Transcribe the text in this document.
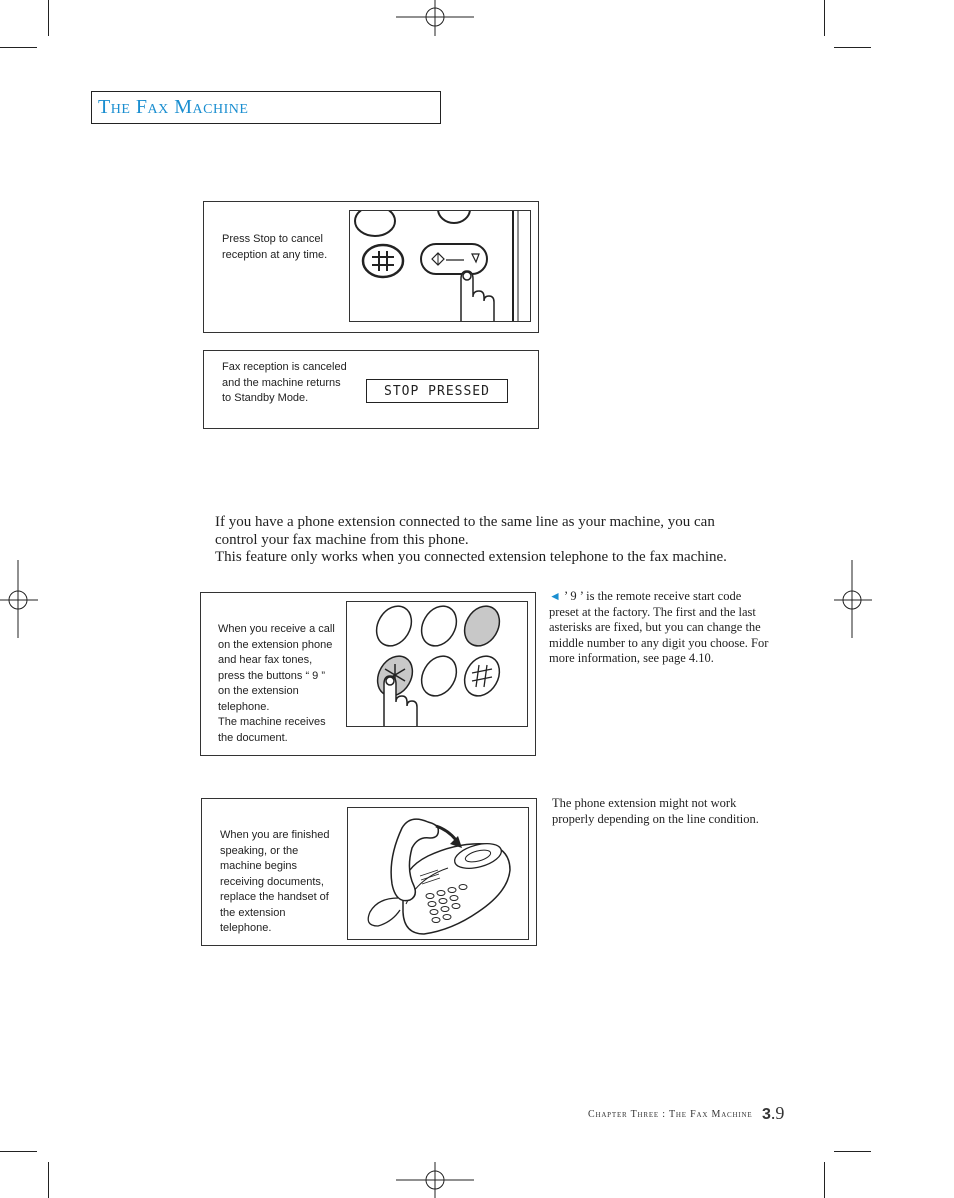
The Fax Machine
Press Stop to cancel reception at any time.
Fax reception is canceled and the machine returns to Standby Mode.	STOP PRESSED
If you have a phone extension connected to the same line as your machine, you can
control your fax machine from this phone.
This feature only works when you connected extension telephone to the fax machine.
When you receive a call on the extension phone and hear fax tones, press the buttons “ 9 ” on the extension telephone.
The machine receives the document.
◄ ’ 9 ’ is the remote receive start code preset at the factory. The first and the last asterisks are fixed, but you can change the middle number to any digit you choose. For more information, see page 4.10.
When you are finished speaking, or the machine begins receiving documents, replace the handset of the extension telephone.
The phone extension might not work properly depending on the line condition.
Chapter Three : The Fax Machine 3.9
